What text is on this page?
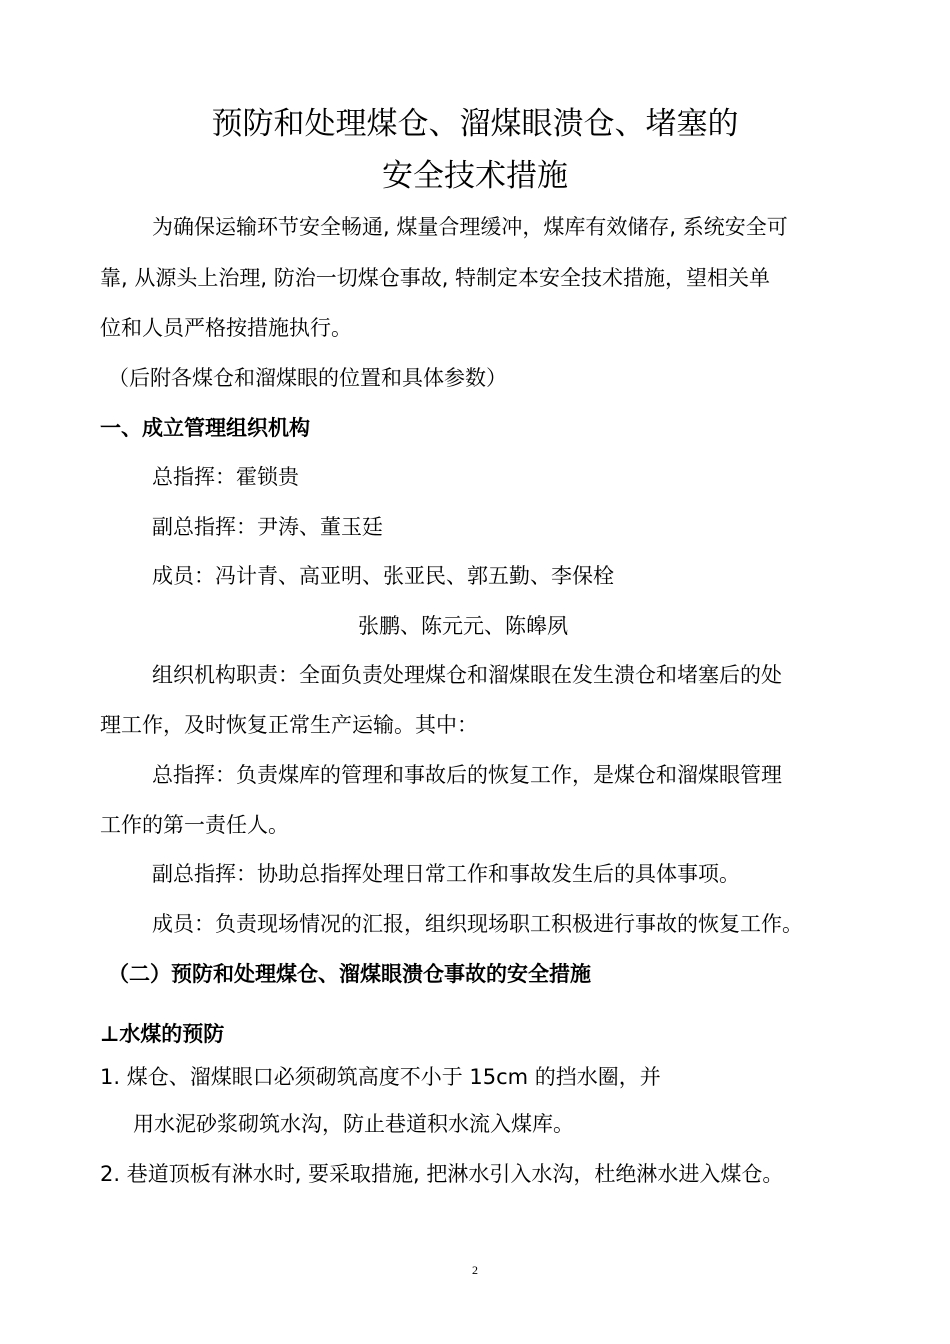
预防和处理煤仓、溜煤眼溃仓、堵塞的
安全技术措施
为确保运输环节安全畅通, 煤量合理缓冲，煤库有效储存, 系统安全可
靠, 从源头上治理, 防治一切煤仓事故, 特制定本安全技术措施，望相关单
位和人员严格按措施执行。
（后附各煤仓和溜煤眼的位置和具体参数）
一、成立管理组织机构
总指挥：霍锁贵
副总指挥：尹涛、董玉廷
成员：冯计青、高亚明、张亚民、郭五勤、李保栓
张鹏、陈元元、陈皞夙
组织机构职责：全面负责处理煤仓和溜煤眼在发生溃仓和堵塞后的处
理工作，及时恢复正常生产运输。其中：
总指挥：负责煤库的管理和事故后的恢复工作，是煤仓和溜煤眼管理
工作的第一责任人。
副总指挥：协助总指挥处理日常工作和事故发生后的具体事项。
成员：负责现场情况的汇报，组织现场职工积极进行事故的恢复工作。
（二）预防和处理煤仓、溜煤眼溃仓事故的安全措施
⊥水煤的预防
1. 煤仓、溜煤眼口必须砌筑高度不小于 15cm 的挡水圈，并
用水泥砂浆砌筑水沟，防止巷道积水流入煤库。
2. 巷道顶板有淋水时, 要采取措施, 把淋水引入水沟，杜绝淋水进入煤仓。
2
